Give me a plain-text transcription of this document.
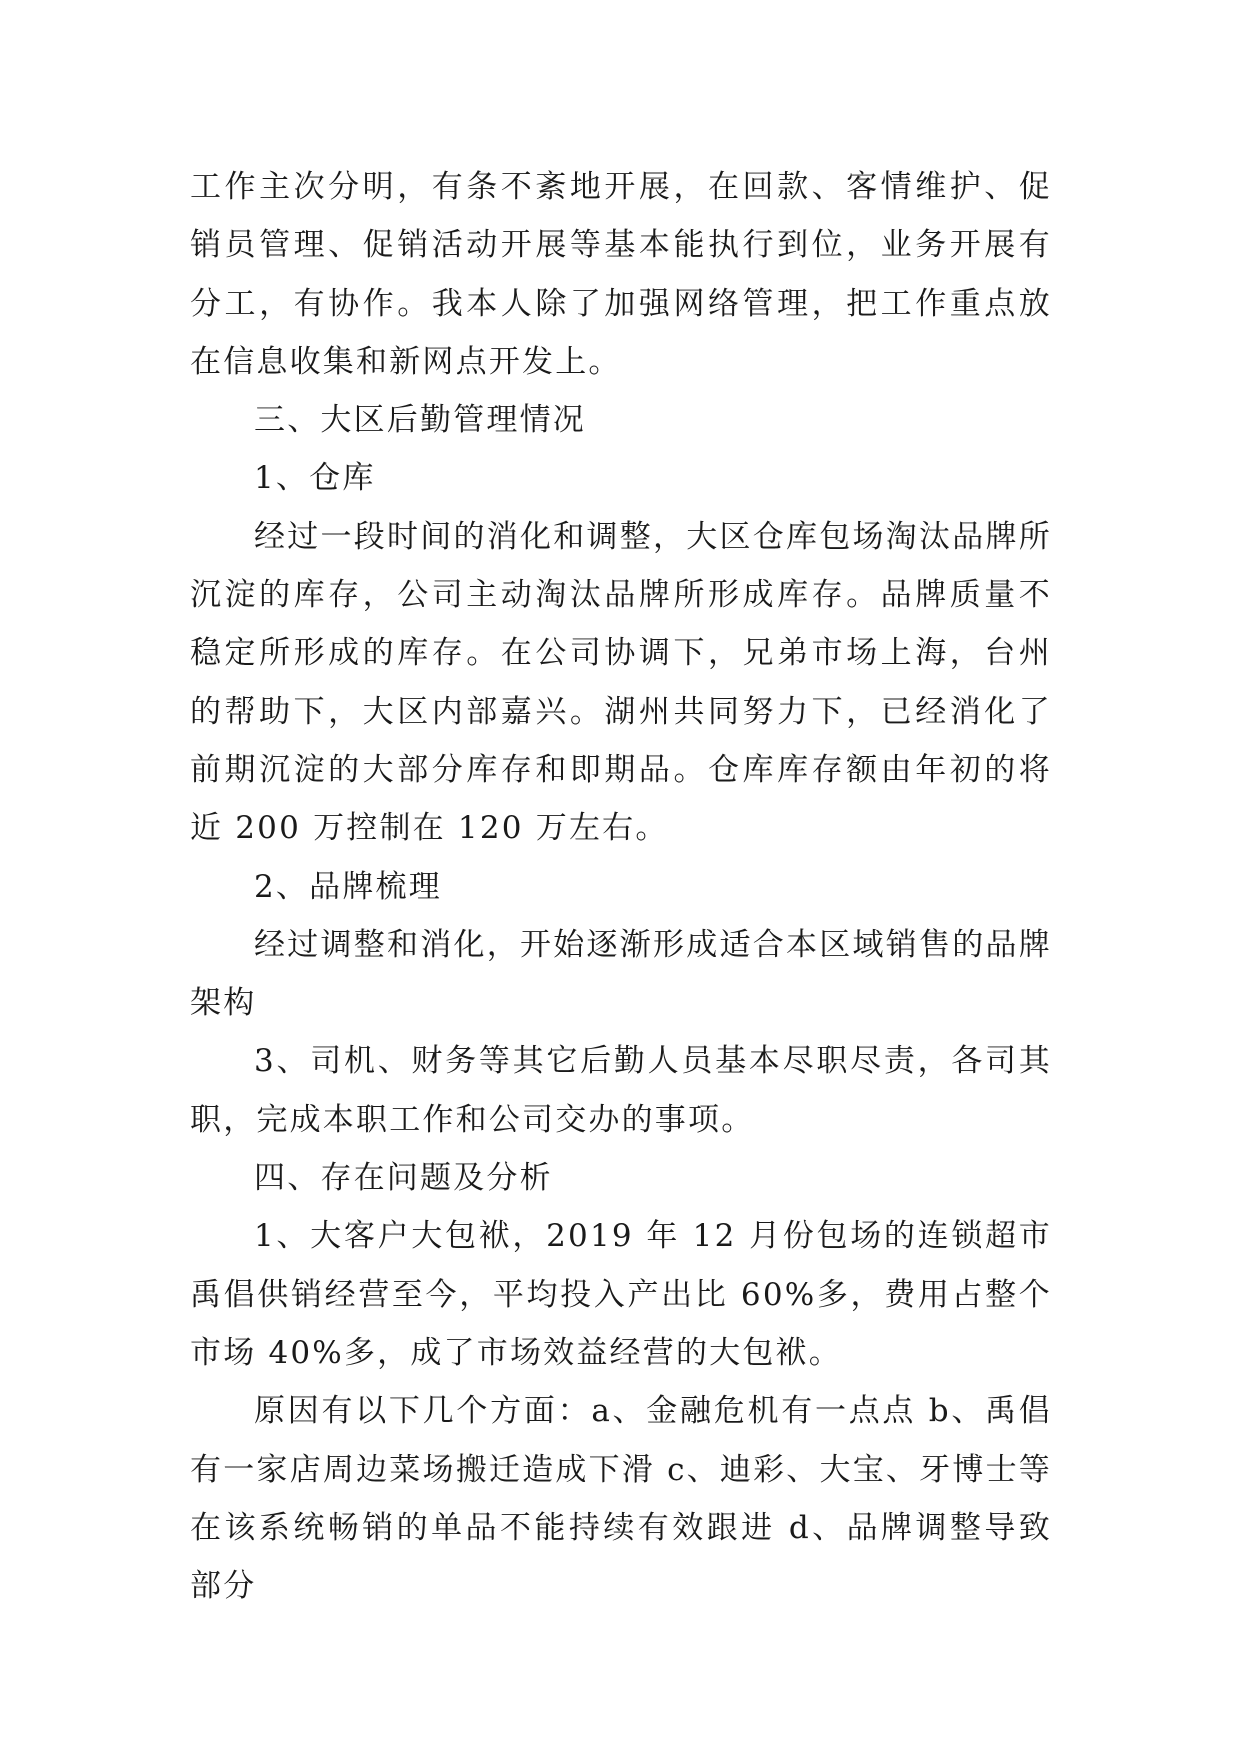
工作主次分明，有条不紊地开展，在回款、客情维护、促销员管理、促销活动开展等基本能执行到位，业务开展有分工，有协作。我本人除了加强网络管理，把工作重点放在信息收集和新网点开发上。

三、大区后勤管理情况

1、仓库

经过一段时间的消化和调整，大区仓库包场淘汰品牌所沉淀的库存，公司主动淘汰品牌所形成库存。品牌质量不稳定所形成的库存。在公司协调下，兄弟市场上海，台州的帮助下，大区内部嘉兴。湖州共同努力下，已经消化了前期沉淀的大部分库存和即期品。仓库库存额由年初的将近 200 万控制在 120 万左右。

2、品牌梳理

经过调整和消化，开始逐渐形成适合本区域销售的品牌架构

3、司机、财务等其它后勤人员基本尽职尽责，各司其职，完成本职工作和公司交办的事项。

四、存在问题及分析

1、大客户大包袱，2019 年 12 月份包场的连锁超市禹倡供销经营至今，平均投入产出比 60%多，费用占整个市场 40%多，成了市场效益经营的大包袱。

原因有以下几个方面：a、金融危机有一点点 b、禹倡有一家店周边菜场搬迁造成下滑 c、迪彩、大宝、牙博士等在该系统畅销的单品不能持续有效跟进 d、品牌调整导致部分
